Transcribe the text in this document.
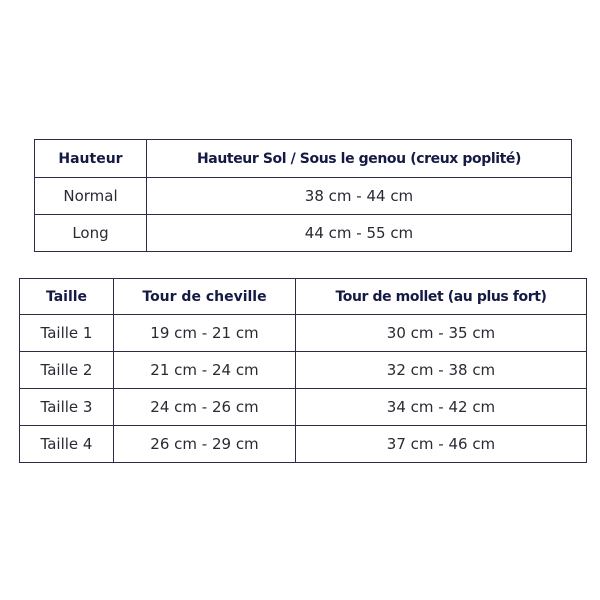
Hauteur	Hauteur Sol / Sous le genou (creux poplité)
Normal	38 cm - 44 cm
Long	44 cm - 55 cm
Taille	Tour de cheville	Tour de mollet (au plus fort)
Taille 1	19 cm - 21 cm	30 cm - 35 cm
Taille 2	21 cm - 24 cm	32 cm - 38 cm
Taille 3	24 cm - 26 cm	34 cm - 42 cm
Taille 4	26 cm - 29 cm	37 cm - 46 cm
